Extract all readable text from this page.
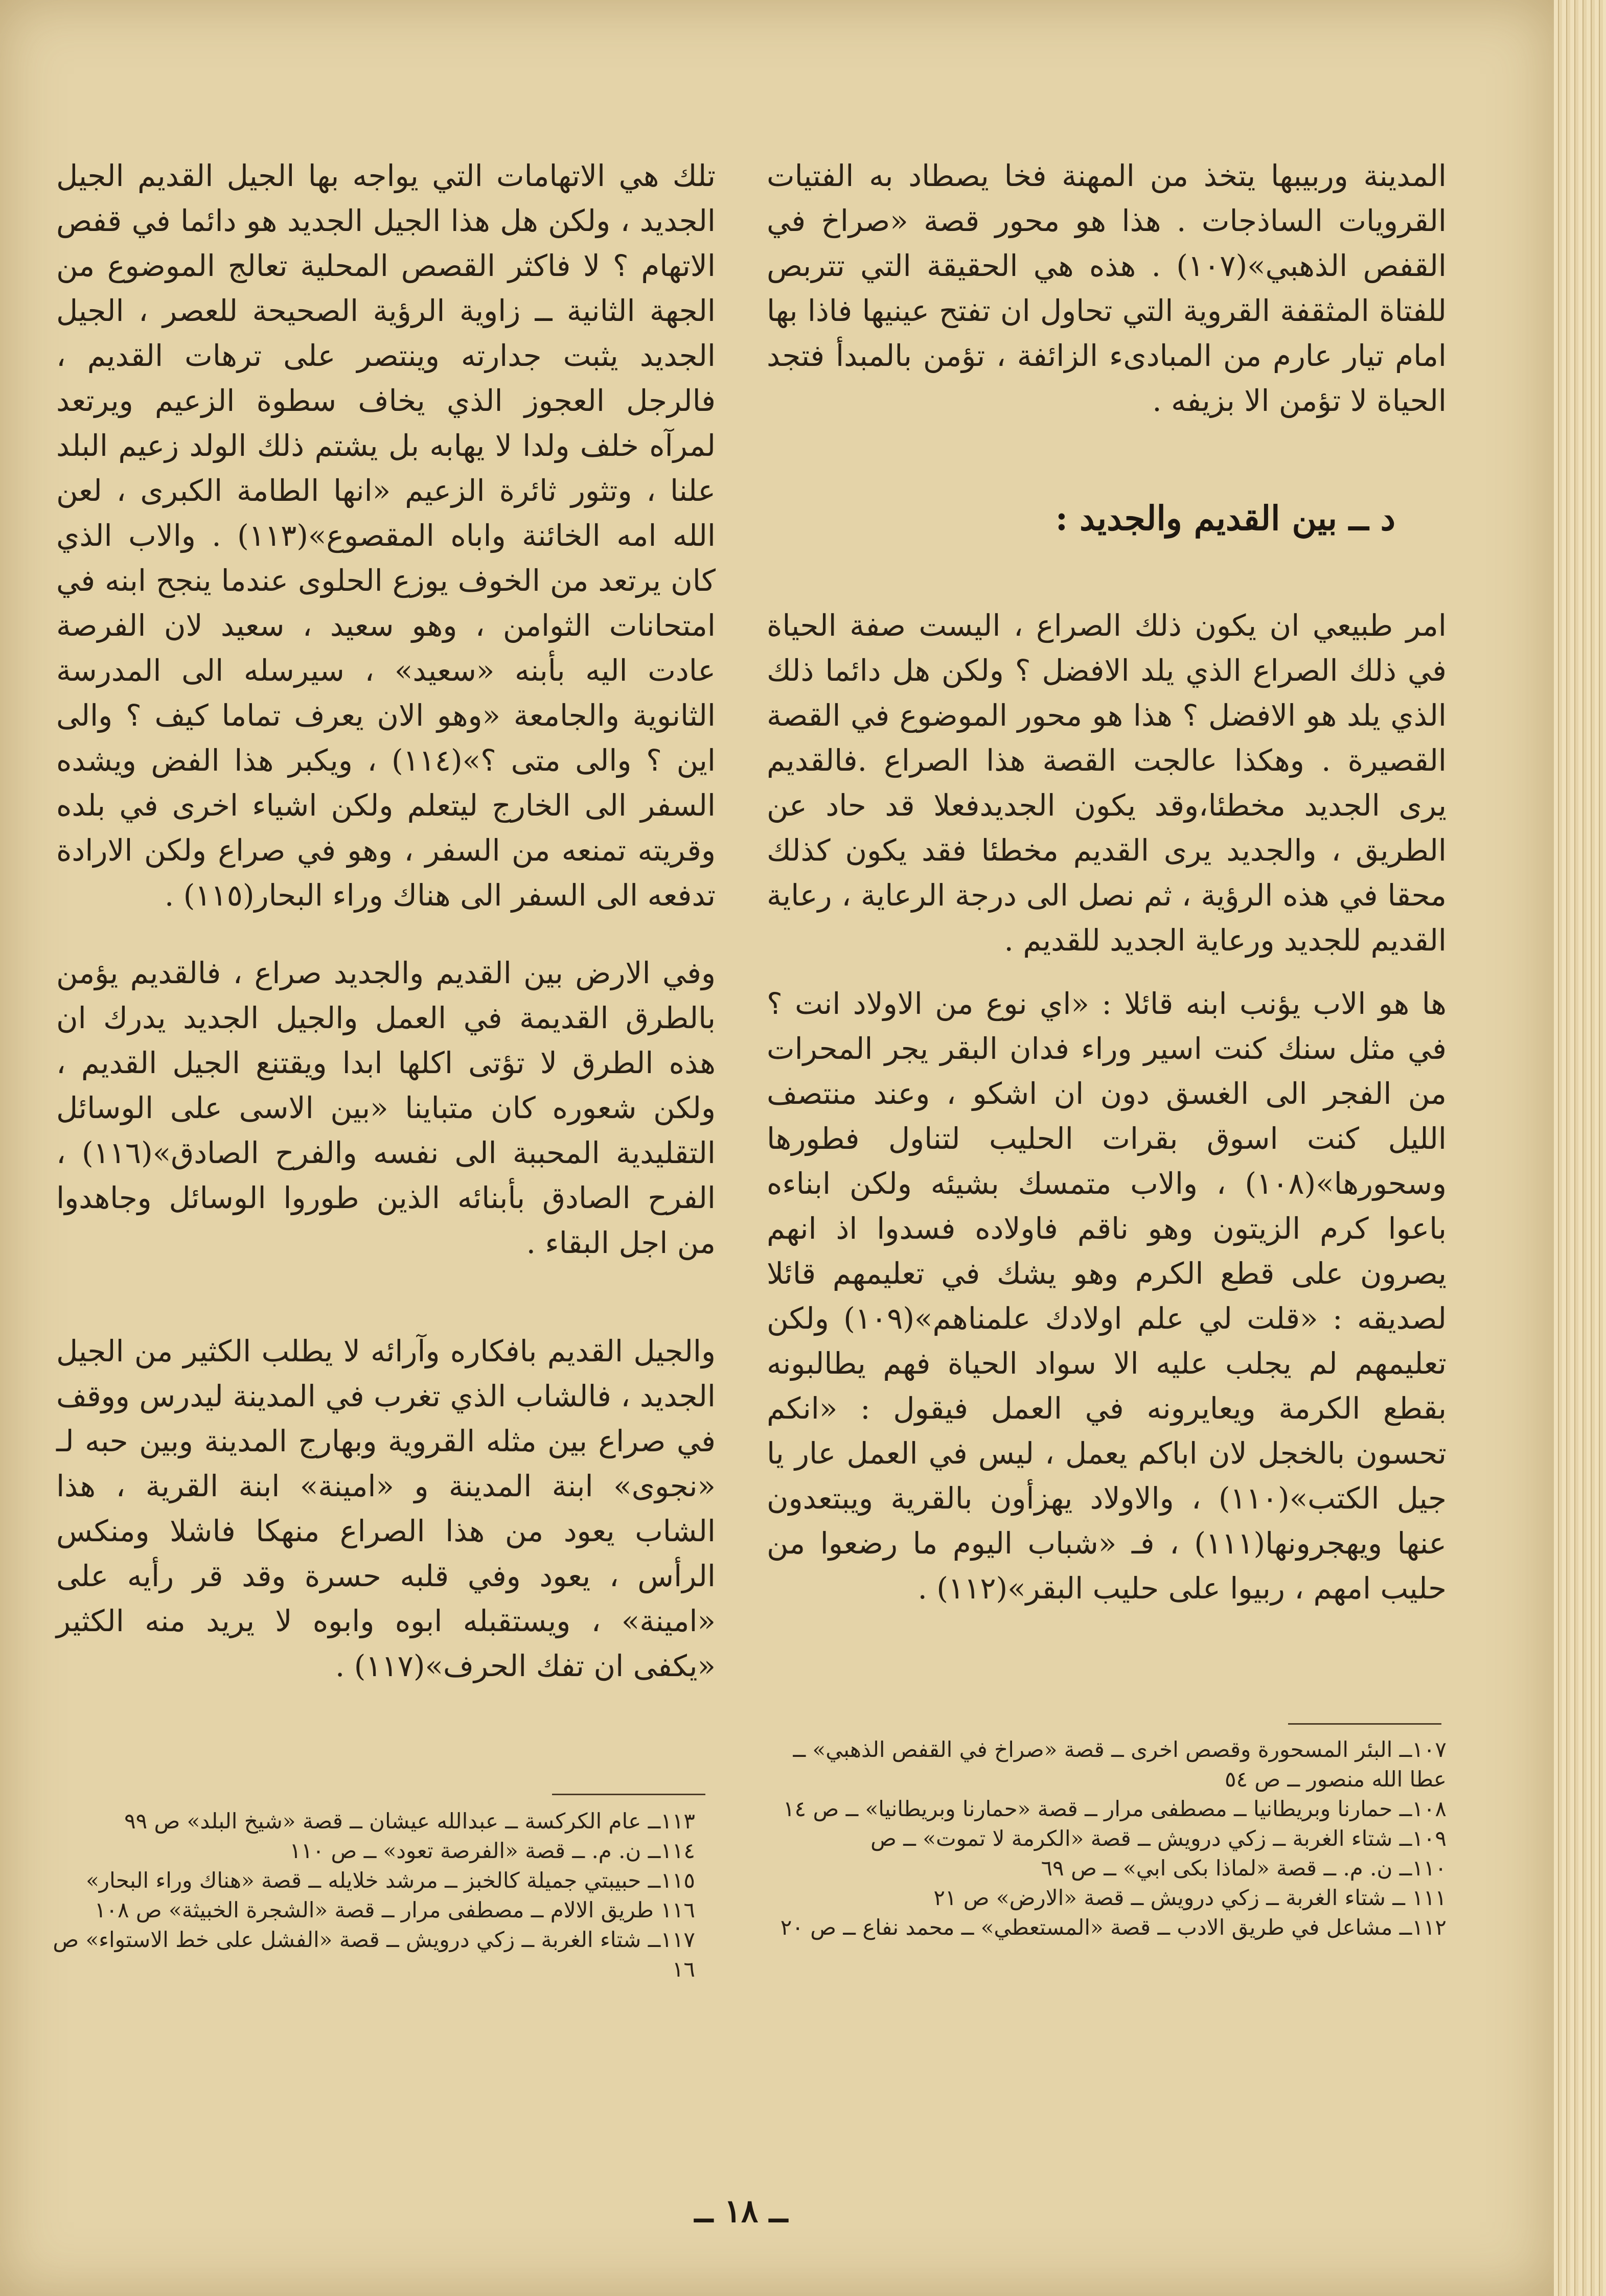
المدينة وربيبها يتخذ من المهنة فخا يصطاد به الفتيات القرويات الساذجات . هذا هو محور قصة «صراخ في القفص الذهبي»(١٠٧) . هذه هي الحقيقة التي تتربص للفتاة المثقفة القروية التي تحاول ان تفتح عينيها فاذا بها امام تيار عارم من المبادىء الزائفة ، تؤمن بالمبدأ فتجد الحياة لا تؤمن الا بزيفه .

امر طبيعي ان يكون ذلك الصراع ، اليست صفة الحياة في ذلك الصراع الذي يلد الافضل ؟ ولكن هل دائما ذلك الذي يلد هو الافضل ؟ هذا هو محور الموضوع في القصة القصيرة . وهكذا عالجت القصة هذا الصراع .فالقديم يرى الجديد مخطئا،وقد يكون الجديدفعلا قد حاد عن الطريق ، والجديد يرى القديم مخطئا فقد يكون كذلك محقا في هذه الرؤية ، ثم نصل الى درجة الرعاية ، رعاية القديم للجديد ورعاية الجديد للقديم .

ها هو الاب يؤنب ابنه قائلا : «اي نوع من الاولاد انت ؟ في مثل سنك كنت اسير وراء فدان البقر يجر المحرات من الفجر الى الغسق دون ان اشكو ، وعند منتصف الليل كنت اسوق بقرات الحليب لتناول فطورها وسحورها»(١٠٨) ، والاب متمسك بشيئه ولكن ابناءه باعوا كرم الزيتون وهو ناقم فاولاده فسدوا اذ انهم يصرون على قطع الكرم وهو يشك في تعليمهم قائلا لصديقه : «قلت لي علم اولادك علمناهم»(١٠٩) ولكن تعليمهم لم يجلب عليه الا سواد الحياة فهم يطالبونه بقطع الكرمة ويعايرونه في العمل فيقول : «انكم تحسون بالخجل لان اباكم يعمل ، ليس في العمل عار يا جيل الكتب»(١١٠) ، والاولاد يهزأون بالقرية ويبتعدون عنها ويهجرونها(١١١) ، فـ «شباب اليوم ما رضعوا من حليب امهم ، ربيوا على حليب البقر»(١١٢) .

د ــ بين القديم والجديد :

تلك هي الاتهامات التي يواجه بها الجيل القديم الجيل الجديد ، ولكن هل هذا الجيل الجديد هو دائما في قفص الاتهام ؟ لا فاكثر القصص المحلية تعالج الموضوع من الجهة الثانية ــ زاوية الرؤية الصحيحة للعصر ، الجيل الجديد يثبت جدارته وينتصر على ترهات القديم ، فالرجل العجوز الذي يخاف سطوة الزعيم ويرتعد لمرآه خلف ولدا لا يهابه بل يشتم ذلك الولد زعيم البلد علنا ، وتثور ثائرة الزعيم «انها الطامة الكبرى ، لعن الله امه الخائنة واباه المقصوع»(١١٣) . والاب الذي كان يرتعد من الخوف يوزع الحلوى عندما ينجح ابنه في امتحانات الثوامن ، وهو سعيد ، سعيد لان الفرصة عادت اليه بأبنه «سعيد» ، سيرسله الى المدرسة الثانوية والجامعة «وهو الان يعرف تماما كيف ؟ والى اين ؟ والى متى ؟»(١١٤) ، ويكبر هذا الفض ويشده السفر الى الخارج ليتعلم ولكن اشياء اخرى في بلده وقريته تمنعه من السفر ، وهو في صراع ولكن الارادة تدفعه الى السفر الى هناك وراء البحار(١١٥) .

وفي الارض بين القديم والجديد صراع ، فالقديم يؤمن بالطرق القديمة في العمل والجيل الجديد يدرك ان هذه الطرق لا تؤتى اكلها ابدا ويقتنع الجيل القديم ، ولكن شعوره كان متباينا «بين الاسى على الوسائل التقليدية المحببة الى نفسه والفرح الصادق»(١١٦) ، الفرح الصادق بأبنائه الذين طوروا الوسائل وجاهدوا من اجل البقاء .

والجيل القديم بافكاره وآرائه لا يطلب الكثير من الجيل الجديد ، فالشاب الذي تغرب في المدينة ليدرس ووقف في صراع بين مثله القروية وبهارج المدينة وبين حبه لـ «نجوى» ابنة المدينة و «امينة» ابنة القرية ، هذا الشاب يعود من هذا الصراع منهكا فاشلا ومنكس الرأس ، يعود وفي قلبه حسرة وقد قر رأيه على «امينة» ، ويستقبله ابوه وابوه لا يريد منه الكثير «يكفى ان تفك الحرف»(١١٧) .

١٠٧ــ البئر المسحورة وقصص اخرى ــ قصة «صراخ في القفص الذهبي» ــ عطا الله منصور ــ ص ٥٤

١٠٨ــ حمارنا وبريطانيا ــ مصطفى مرار ــ قصة «حمارنا وبريطانيا» ــ ص ١٤

١٠٩ــ شتاء الغربة ــ زكي درويش ــ قصة «الكرمة لا تموت» ــ ص

١١٠ــ ن. م. ــ قصة «لماذا بكى ابي» ــ ص ٦٩

١١١ ــ شتاء الغربة ــ زكي درويش ــ قصة «الارض» ص ٢١

١١٢ــ مشاعل في طريق الادب ــ قصة «المستعطي» ــ محمد نفاع ــ ص ٢٠

١١٣ــ عام الكركسة ــ عبدالله عيشان ــ قصة «شيخ البلد» ص ٩٩

١١٤ــ ن. م. ــ قصة «الفرصة تعود» ــ ص ١١٠

١١٥ــ حبيبتي جميلة كالخبز ــ مرشد خلايله ــ قصة «هناك وراء البحار»

١١٦ طريق الالام ــ مصطفى مرار ــ قصة «الشجرة الخبيثة» ص ١٠٨

١١٧ــ شتاء الغربة ــ زكي درويش ــ قصة «الفشل على خط الاستواء» ص ١٦

ــ ١٨ ــ
